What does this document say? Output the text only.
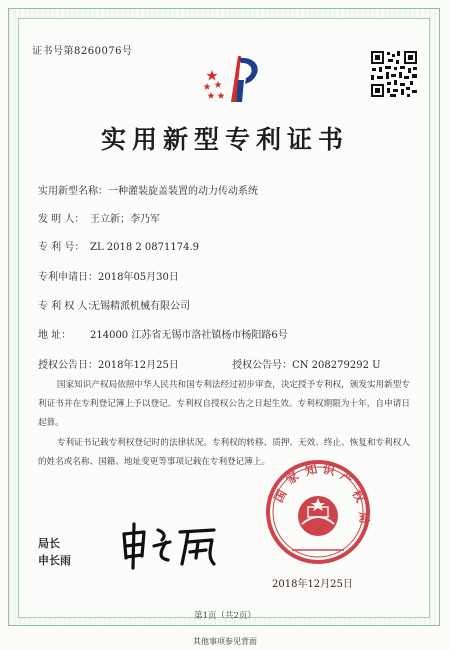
证书号第8260076号
实用新型专利证书
实用新型名称：一种灌装旋盖装置的动力传动系统
发 明 人： 王立新；李乃军
专 利 号： ZL 2018 2 0871174.9
专利申请日：2018年05月30日
专 利 权 人：无锡精派机械有限公司
地 址： 214000 江苏省无锡市洛社镇杨市杨阳路6号
授权公告日：2018年12月25日	授权公告号：CN 208279292 U
国家知识产权局依照中华人民共和国专利法经过初步审查，决定授予专利权，颁发实用新型专利证书并在专利登记簿上予以登记。专利权自授权公告之日起生效。专利权期限为十年，自申请日起算。
专利证书记载专利权登记时的法律状况。专利权的转移、质押、无效、终止、恢复和专利权人的姓名或名称、国籍、地址变更等事项记载在专利登记簿上。
局长
申长雨
申长雨
国
家 知 识 产
权
局
国家知识产权局
2018年12月25日
第1页（共2页）
其他事项参见背面
